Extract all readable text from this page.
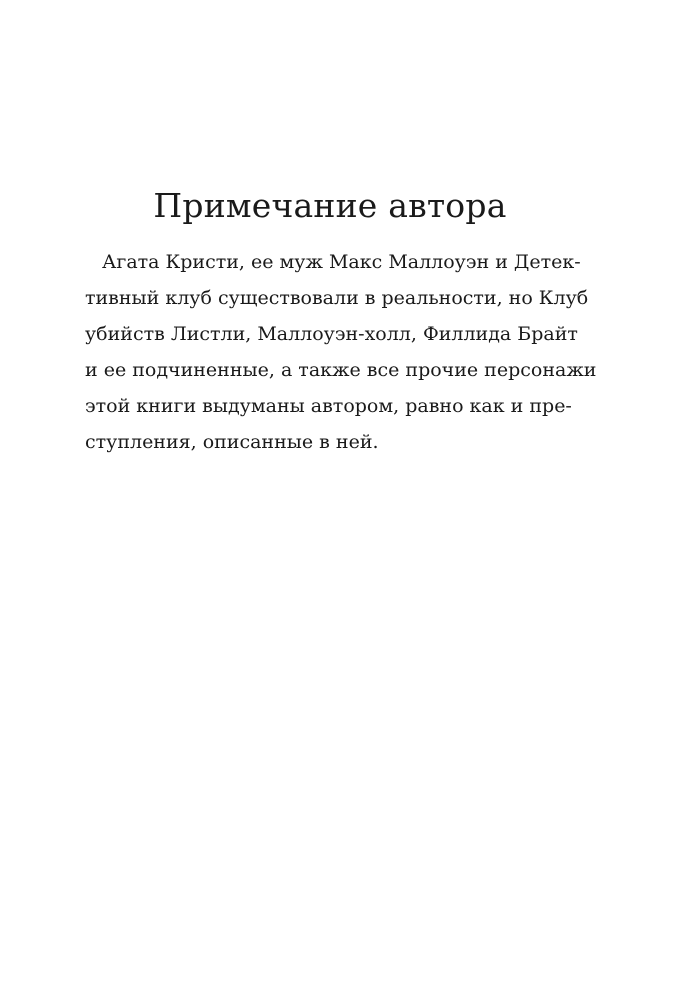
Примечание автора
Агата Кристи, ее муж Макс Маллоуэн и Детек-
тивный клуб существовали в реальности, но Клуб
убийств Листли, Маллоуэн-холл, Филлида Брайт
и ее подчиненные, а также все прочие персонажи
этой книги выдуманы автором, равно как и пре-
ступления, описанные в ней.
